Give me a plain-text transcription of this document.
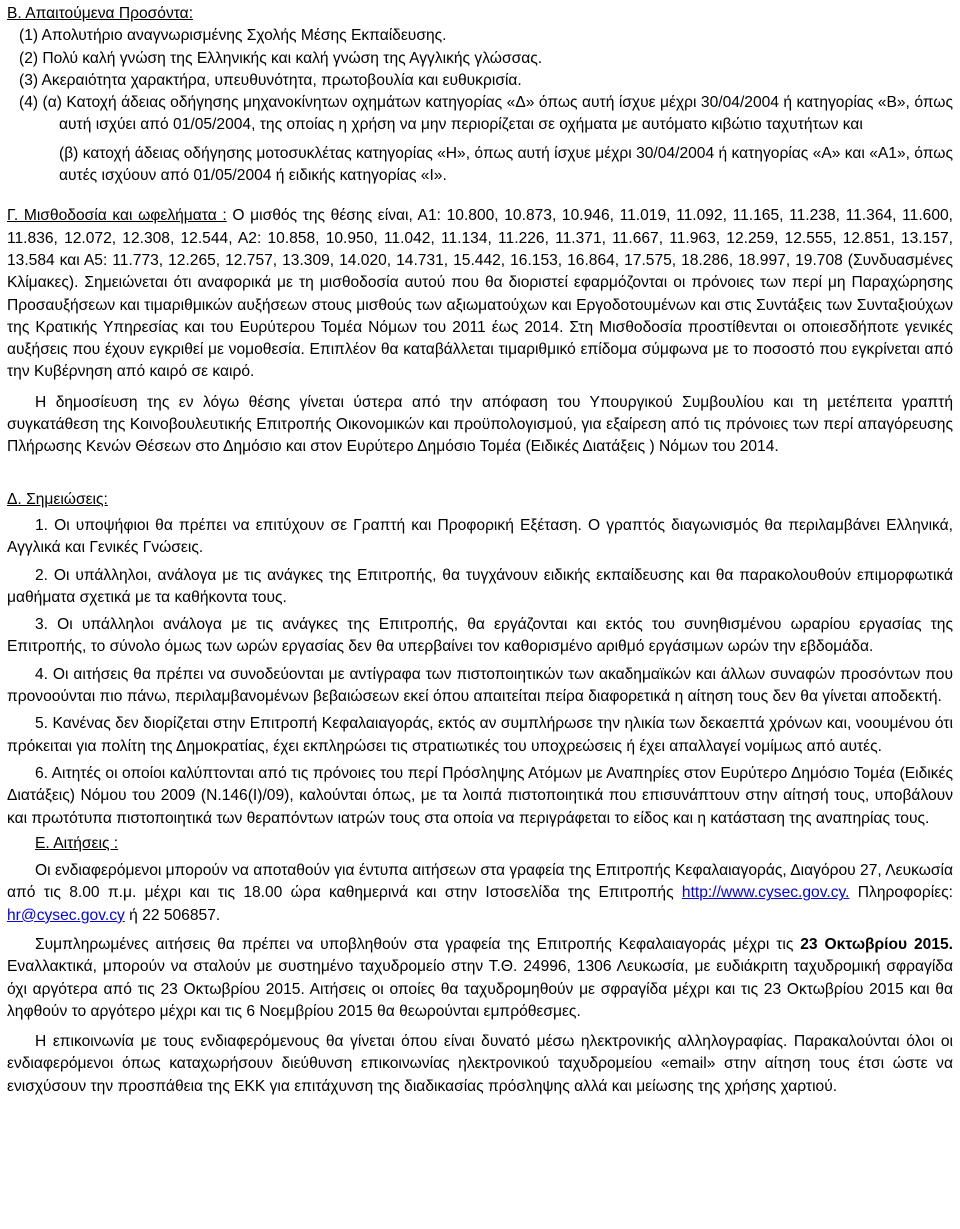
Β. Απαιτούμενα Προσόντα:

(1) Απολυτήριο αναγνωρισμένης Σχολής Μέσης Εκπαίδευσης.

(2) Πολύ καλή γνώση της Ελληνικής και καλή γνώση της Αγγλικής γλώσσας.

(3) Ακεραιότητα χαρακτήρα, υπευθυνότητα, πρωτοβουλία και ευθυκρισία.

(4) (α) Κατοχή άδειας οδήγησης μηχανοκίνητων οχημάτων κατηγορίας «Δ» όπως αυτή ίσχυε μέχρι 30/04/2004 ή κατηγορίας «Β», όπως αυτή ισχύει από 01/05/2004, της οποίας η χρήση να μην περιορίζεται σε οχήματα με αυτόματο κιβώτιο ταχυτήτων και

(β) κατοχή άδειας οδήγησης μοτοσυκλέτας κατηγορίας «Η», όπως αυτή ίσχυε μέχρι 30/04/2004 ή κατηγορίας «Α» και «Α1», όπως αυτές ισχύουν από 01/05/2004 ή ειδικής κατηγορίας «Ι».

Γ. Μισθοδοσία και ωφελήματα : Ο μισθός της θέσης είναι, Α1: 10.800, 10.873, 10.946, 11.019, 11.092, 11.165, 11.238, 11.364, 11.600, 11.836, 12.072, 12.308, 12.544, Α2: 10.858, 10.950, 11.042, 11.134, 11.226, 11.371, 11.667, 11.963, 12.259, 12.555, 12.851, 13.157, 13.584 και Α5: 11.773, 12.265, 12.757, 13.309, 14.020, 14.731, 15.442, 16.153, 16.864, 17.575, 18.286, 18.997, 19.708 (Συνδυασμένες Κλίμακες). Σημειώνεται ότι αναφορικά με τη μισθοδοσία αυτού που θα διοριστεί εφαρμόζονται οι πρόνοιες των περί μη Παραχώρησης Προσαυξήσεων και τιμαριθμικών αυξήσεων στους μισθούς των αξιωματούχων και Εργοδοτουμένων και στις Συντάξεις των Συνταξιούχων της Κρατικής Υπηρεσίας και του Ευρύτερου Τομέα Νόμων του 2011 έως 2014. Στη Μισθοδοσία προστίθενται οι οποιεσδήποτε γενικές αυξήσεις που έχουν εγκριθεί με νομοθεσία. Επιπλέον θα καταβάλλεται τιμαριθμικό επίδομα σύμφωνα με το ποσοστό που εγκρίνεται από την Κυβέρνηση από καιρό σε καιρό.

Η δημοσίευση της εν λόγω θέσης γίνεται ύστερα από την απόφαση του Υπουργικού Συμβουλίου και τη μετέπειτα γραπτή συγκατάθεση της Κοινοβουλευτικής Επιτροπής Οικονομικών και προϋπολογισμού, για εξαίρεση από τις πρόνοιες των περί απαγόρευσης Πλήρωσης Κενών Θέσεων στο Δημόσιο και στον Ευρύτερο Δημόσιο Τομέα (Ειδικές Διατάξεις ) Νόμων του 2014.

Δ. Σημειώσεις:

1. Οι υποψήφιοι θα πρέπει να επιτύχουν σε Γραπτή και Προφορική Εξέταση. Ο γραπτός διαγωνισμός θα περιλαμβάνει Ελληνικά, Αγγλικά και Γενικές Γνώσεις.

2. Οι υπάλληλοι, ανάλογα με τις ανάγκες της Επιτροπής, θα τυγχάνουν ειδικής εκπαίδευσης και θα παρακολουθούν επιμορφωτικά μαθήματα σχετικά με τα καθήκοντα τους.

3. Οι υπάλληλοι ανάλογα με τις ανάγκες της Επιτροπής, θα εργάζονται και εκτός του συνηθισμένου ωραρίου εργασίας της Επιτροπής, το σύνολο όμως των ωρών εργασίας δεν θα υπερβαίνει τον καθορισμένο αριθμό εργάσιμων ωρών την εβδομάδα.

4. Οι αιτήσεις θα πρέπει να συνοδεύονται με αντίγραφα των πιστοποιητικών των ακαδημαϊκών και άλλων συναφών προσόντων που προνοούνται πιο πάνω, περιλαμβανομένων βεβαιώσεων εκεί όπου απαιτείται πείρα διαφορετικά η αίτηση τους δεν θα γίνεται αποδεκτή.

5. Κανένας δεν διορίζεται στην Επιτροπή Κεφαλαιαγοράς, εκτός αν συμπλήρωσε την ηλικία των δεκαεπτά χρόνων και, νοουμένου ότι πρόκειται για πολίτη της Δημοκρατίας, έχει εκπληρώσει τις στρατιωτικές του υποχρεώσεις ή έχει απαλλαγεί νομίμως από αυτές.

6. Αιτητές οι οποίοι καλύπτονται από τις πρόνοιες του περί Πρόσληψης Ατόμων με Αναπηρίες στον Ευρύτερο Δημόσιο Τομέα (Ειδικές Διατάξεις) Νόμου του 2009 (Ν.146(Ι)/09), καλούνται όπως, με τα λοιπά πιστοποιητικά που επισυνάπτουν στην αίτησή τους, υποβάλουν και πρωτότυπα πιστοποιητικά των θεραπόντων ιατρών τους στα οποία να περιγράφεται το είδος και η κατάσταση της αναπηρίας τους.

Ε. Αιτήσεις :

Οι ενδιαφερόμενοι μπορούν να αποταθούν για έντυπα αιτήσεων στα γραφεία της Επιτροπής Κεφαλαιαγοράς, Διαγόρου 27, Λευκωσία από τις 8.00 π.μ. μέχρι και τις 18.00 ώρα καθημερινά και στην Ιστοσελίδα της Επιτροπής http://www.cysec.gov.cy. Πληροφορίες: hr@cysec.gov.cy ή 22 506857.

Συμπληρωμένες αιτήσεις θα πρέπει να υποβληθούν στα γραφεία της Επιτροπής Κεφαλαιαγοράς μέχρι τις 23 Οκτωβρίου 2015. Εναλλακτικά, μπορούν να σταλούν με συστημένο ταχυδρομείο στην Τ.Θ. 24996, 1306 Λευκωσία, με ευδιάκριτη ταχυδρομική σφραγίδα όχι αργότερα από τις 23 Οκτωβρίου 2015. Αιτήσεις οι οποίες θα ταχυδρομηθούν με σφραγίδα μέχρι και τις 23 Οκτωβρίου 2015 και θα ληφθούν το αργότερο μέχρι και τις 6 Νοεμβρίου 2015 θα θεωρούνται εμπρόθεσμες.

Η επικοινωνία με τους ενδιαφερόμενους θα γίνεται όπου είναι δυνατό μέσω ηλεκτρονικής αλληλογραφίας. Παρακαλούνται όλοι οι ενδιαφερόμενοι όπως καταχωρήσουν διεύθυνση επικοινωνίας ηλεκτρονικού ταχυδρομείου «email» στην αίτηση τους έτσι ώστε να ενισχύσουν την προσπάθεια της ΕΚΚ για επιτάχυνση της διαδικασίας πρόσληψης αλλά και μείωσης της χρήσης χαρτιού.
